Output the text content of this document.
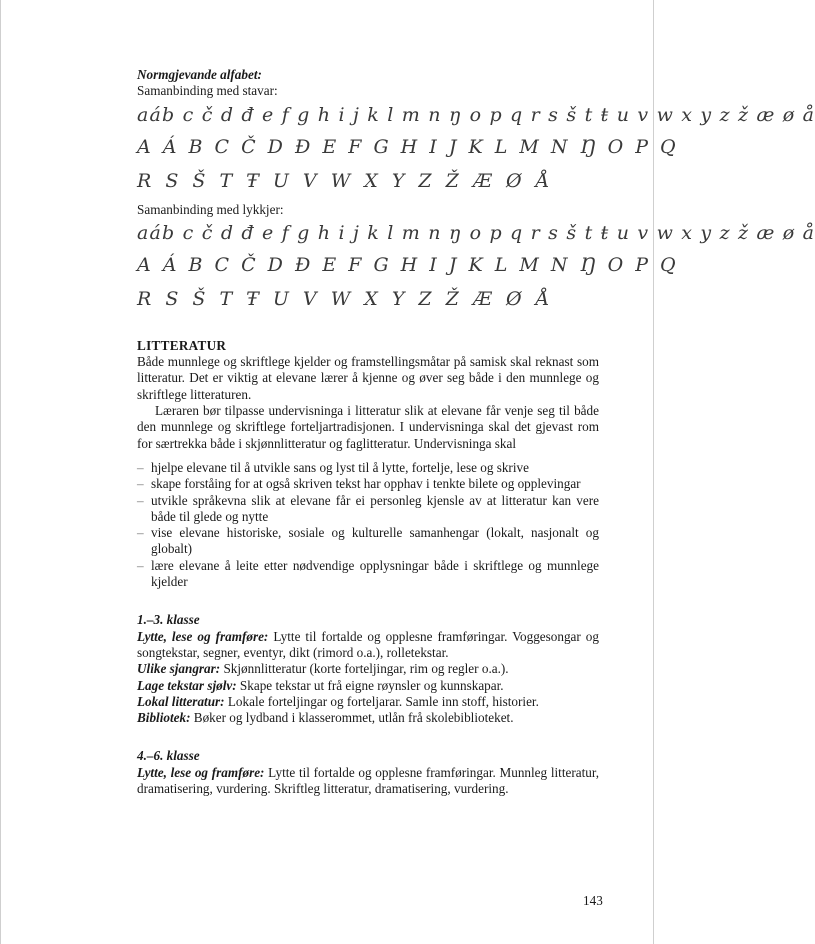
Normgjevande alfabet:

Samanbinding med stavar:

aáb c č d đ e f g h i j k l m n ŋ o p q r s š t ŧ u v w x y z ž æ ø å

A Á B C Č D Đ E F G H I J K L M N Ŋ O P Q

R S Š T Ŧ U V W X Y Z Ž Æ Ø Å

Samanbinding med lykkjer:

aáb c č d đ e f g h i j k l m n ŋ o p q r s š t ŧ u v w x y z ž æ ø å

A Á B C Č D Đ E F G H I J K L M N Ŋ O P Q

R S Š T Ŧ U V W X Y Z Ž Æ Ø Å

LITTERATUR

Både munnlege og skriftlege kjelder og framstellingsmåtar på samisk skal reknast som litteratur. Det er viktig at elevane lærer å kjenne og øver seg både i den munnlege og skriftlege litteraturen.

Læraren bør tilpasse undervisninga i litteratur slik at elevane får venje seg til både den munnlege og skriftlege forteljartradisjonen. I undervisninga skal det gjevast rom for særtrekka både i skjønnlitteratur og faglitteratur. Undervisninga skal

– hjelpe elevane til å utvikle sans og lyst til å lytte, fortelje, lese og skrive
– skape forståing for at også skriven tekst har opphav i tenkte bilete og opplevingar
– utvikle språkevna slik at elevane får ei personleg kjensle av at litteratur kan vere både til glede og nytte
– vise elevane historiske, sosiale og kulturelle samanhengar (lokalt, nasjonalt og globalt)
– lære elevane å leite etter nødvendige opplysningar både i skriftlege og munnlege kjelder
1.–3. klasse

Lytte, lese og framføre: Lytte til fortalde og opplesne framføringar. Voggesongar og songtekstar, segner, eventyr, dikt (rimord o.a.), rolletekstar.

Ulike sjangrar: Skjønnlitteratur (korte forteljingar, rim og regler o.a.).

Lage tekstar sjølv: Skape tekstar ut frå eigne røynsler og kunnskapar.

Lokal litteratur: Lokale forteljingar og forteljarar. Samle inn stoff, historier.

Bibliotek: Bøker og lydband i klasserommet, utlån frå skolebiblioteket.

4.–6. klasse

Lytte, lese og framføre: Lytte til fortalde og opplesne framføringar. Munnleg litteratur, dramatisering, vurdering. Skriftleg litteratur, dramatisering, vurdering.

143
